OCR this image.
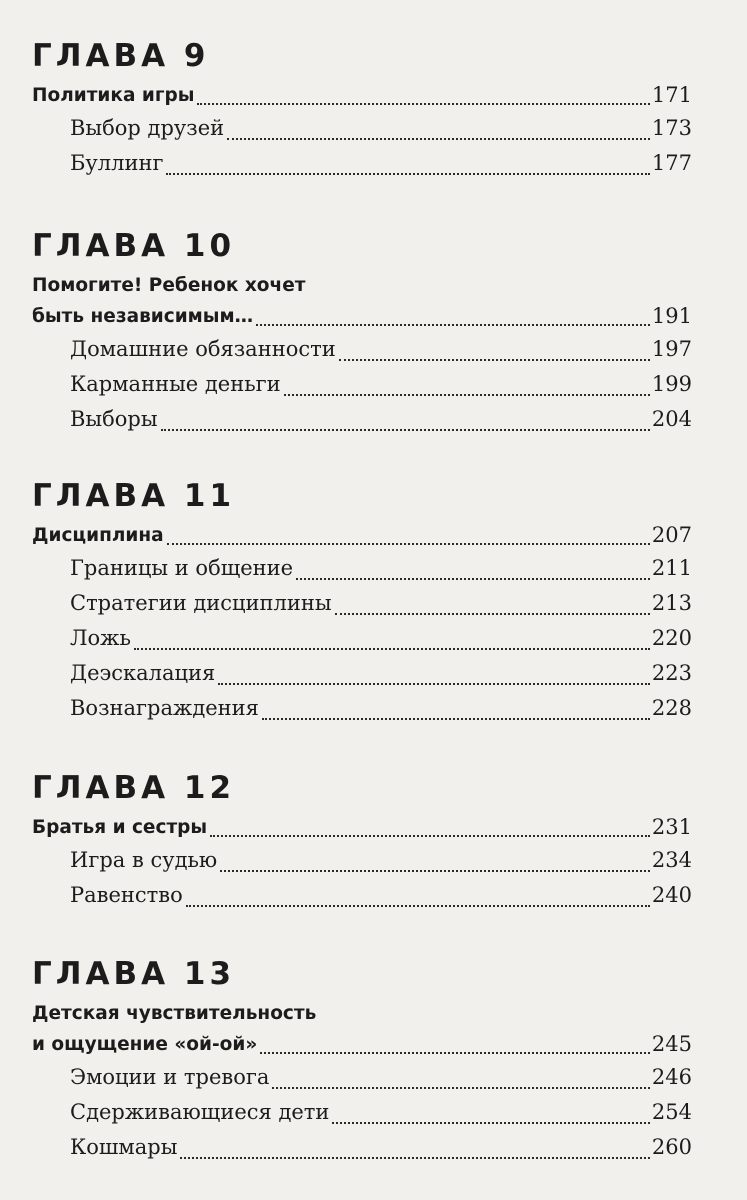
ГЛАВА 9
Политика игры	171
Выбор друзей	173
Буллинг	177
ГЛАВА 10
Помогите! Ребенок хочет
быть независимым…	191
Домашние обязанности	197
Карманные деньги	199
Выборы	204
ГЛАВА 11
Дисциплина	207
Границы и общение	211
Стратегии дисциплины	213
Ложь	220
Деэскалация	223
Вознаграждения	228
ГЛАВА 12
Братья и сестры	231
Игра в судью	234
Равенство	240
ГЛАВА 13
Детская чувствительность
и ощущение «ой-ой»	245
Эмоции и тревога	246
Сдерживающиеся дети	254
Кошмары	260
